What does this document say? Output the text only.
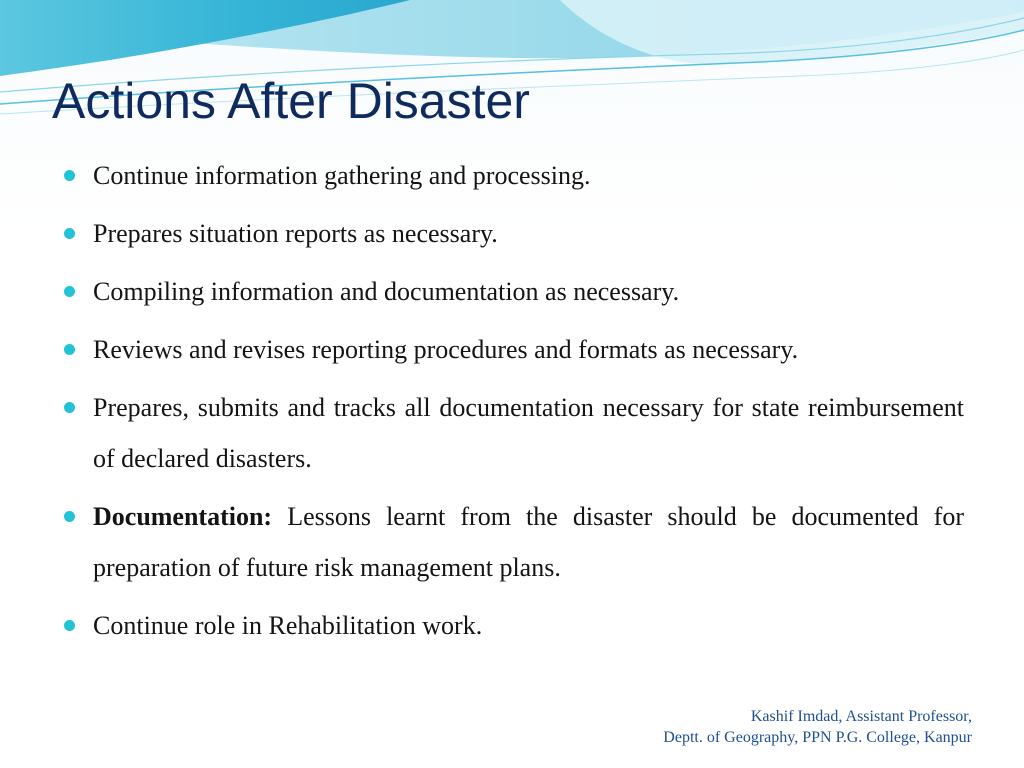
Actions After Disaster
Continue information gathering and processing.
Prepares situation reports as necessary.
Compiling information and documentation as necessary.
Reviews and revises reporting procedures and formats as necessary.
Prepares, submits and tracks all documentation necessary for state reimbursement of declared disasters.
Documentation: Lessons learnt from the disaster should be documented for preparation of future risk management plans.
Continue role in Rehabilitation work.
Kashif Imdad, Assistant Professor,
Deptt. of Geography, PPN P.G. College, Kanpur
